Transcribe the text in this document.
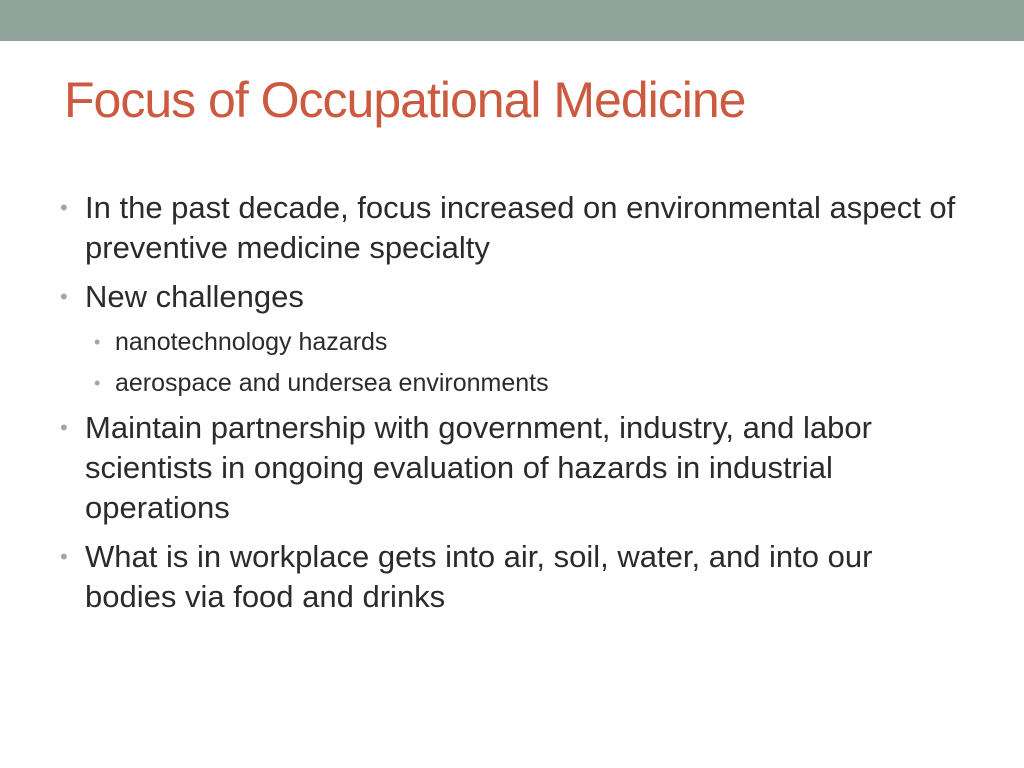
Focus of Occupational Medicine
• In the past decade, focus increased on environmental aspect of preventive medicine specialty
• New challenges
• nanotechnology hazards
• aerospace and undersea environments
• Maintain partnership with government, industry, and labor scientists in ongoing evaluation of hazards in industrial operations
• What is in workplace gets into air, soil, water, and into our bodies via food and drinks
